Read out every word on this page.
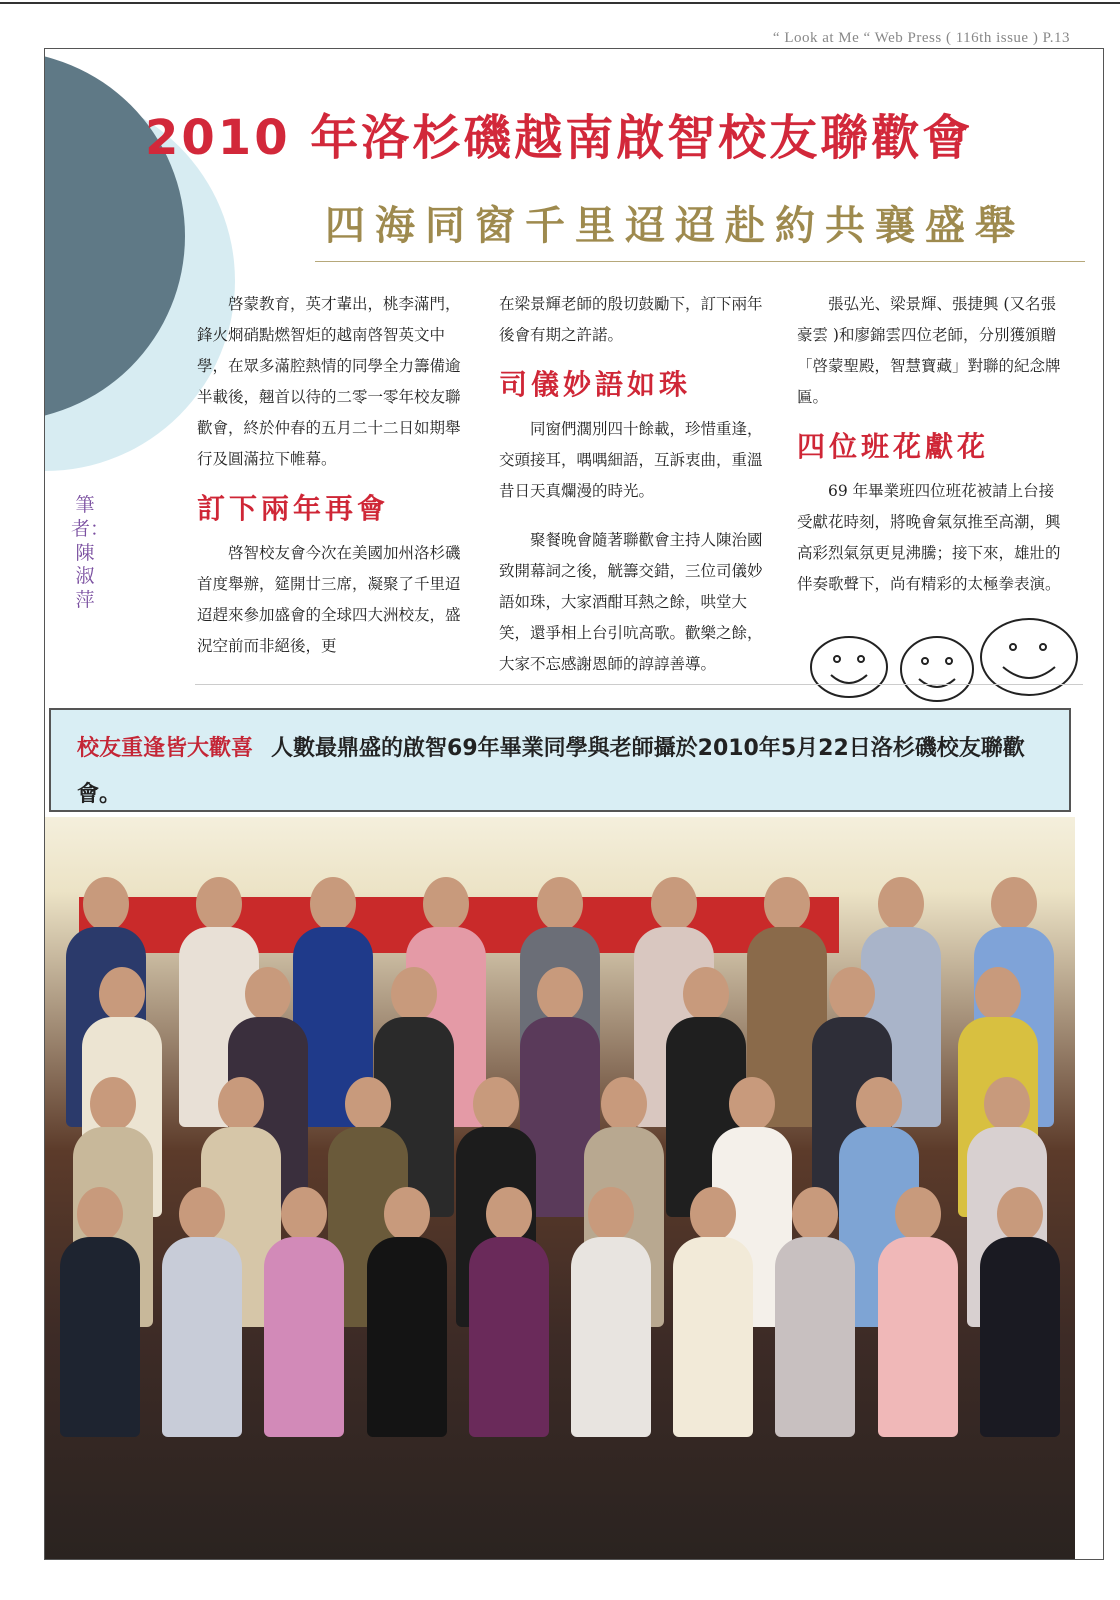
“ Look at Me “ Web Press ( 116th issue ) P.13
2010 年洛杉磯越南啟智校友聯歡會
四海同窗千里迢迢赴約共襄盛舉
筆者：陳淑萍

啓蒙教育，英才輩出，桃李滿門，鋒火烱硝點燃智炬的越南啓智英文中學，在眾多滿腔熱情的同學全力籌備逾半載後，翹首以待的二零一零年校友聯歡會，終於仲春的五月二十二日如期舉行及圓滿拉下帷幕。

訂下兩年再會

啓智校友會今次在美國加州洛杉磯首度舉辦，筵開廿三席，凝聚了千里迢迢趕來參加盛會的全球四大洲校友，盛況空前而非絕後，更

在梁景輝老師的殷切鼓勵下，訂下兩年後會有期之許諾。

司儀妙語如珠

同窗們濶別四十餘載，珍惜重逢，交頭接耳，喁喁細語，互訴衷曲，重溫昔日天真爛漫的時光。

聚餐晚會隨著聯歡會主持人陳治國致開幕詞之後，觥籌交錯，三位司儀妙語如珠，大家酒酣耳熱之餘，哄堂大笑，還爭相上台引吭高歌。歡樂之餘，大家不忘感謝恩師的諄諄善導。

張弘光、梁景輝、張捷興 (又名張豪雲 )和廖錦雲四位老師，分別獲頒贈「啓蒙聖殿，智慧寶藏」對聯的紀念牌匾。

四位班花獻花

69 年畢業班四位班花被請上台接受獻花時刻，將晚會氣氛推至高潮，興高彩烈氣氛更見沸騰；接下來，雄壯的伴奏歌聲下，尚有精彩的太極拳表演。

校友重逢皆大歡喜 人數最鼎盛的啟智69年畢業同學與老師攝於2010年5月22日洛杉磯校友聯歡會。
